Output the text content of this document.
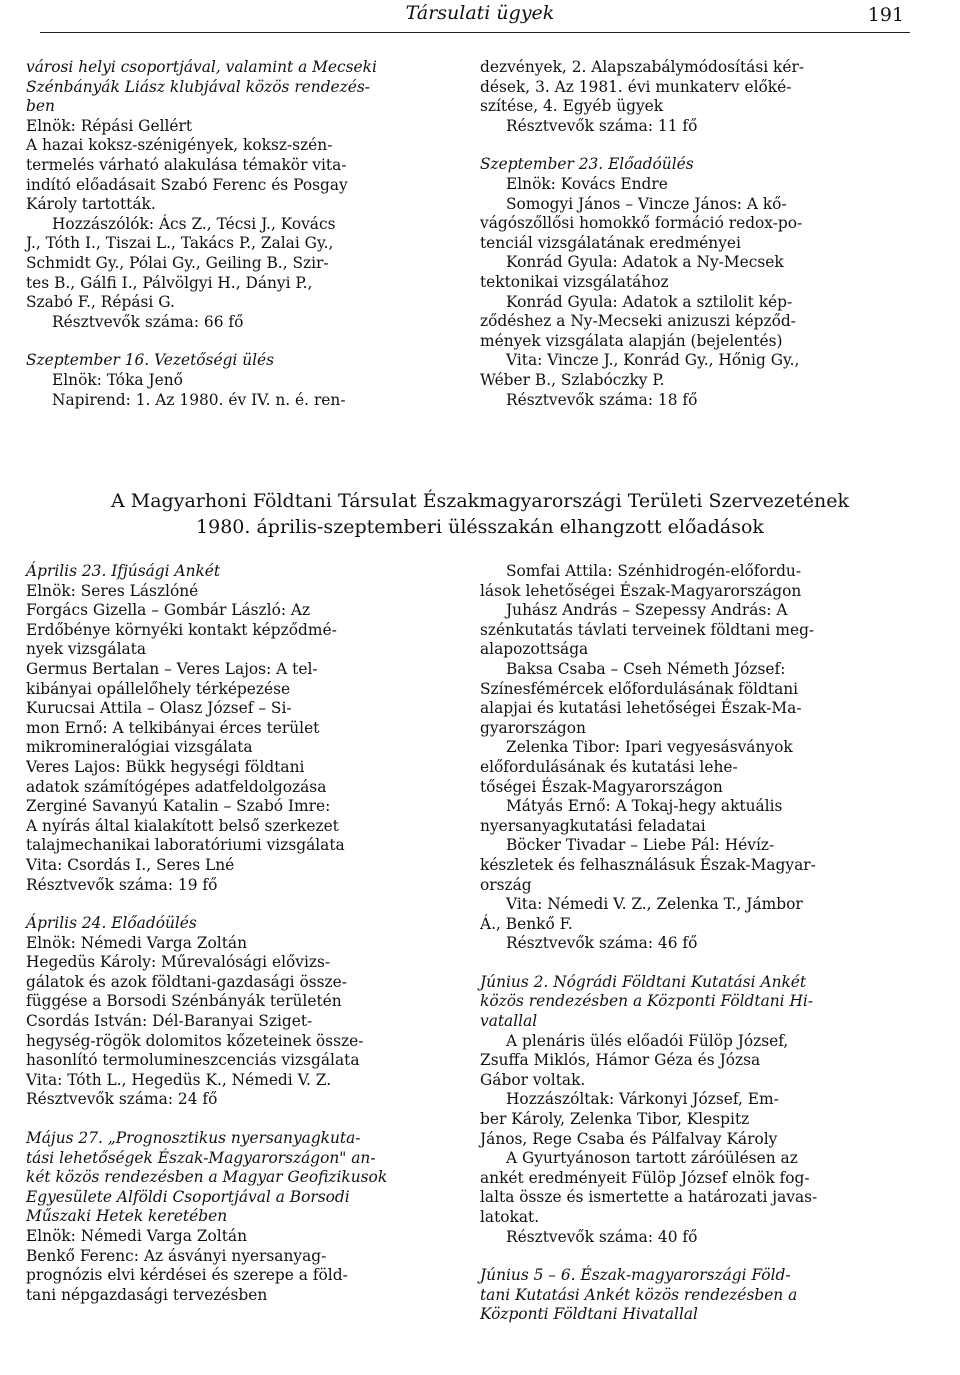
Társulati ügyek	191

városi helyi csoportjával, valamint a Mecseki

Szénbányák Liász klubjával közös rendezés-

ben

Elnök: Répási Gellért

A hazai koksz-szénigények, koksz-szén-

termelés várható alakulása témakör vita-

indító előadásait Szabó Ferenc és Posgay

Károly tartották.

Hozzászólók: Ács Z., Técsi J., Kovács

J., Tóth I., Tiszai L., Takács P., Zalai Gy.,

Schmidt Gy., Pólai Gy., Geiling B., Szir-

tes B., Gálfi I., Pálvölgyi H., Dányi P.,

Szabó F., Répási G.

Résztvevők száma: 66 fő

Szeptember 16. Vezetőségi ülés

Elnök: Tóka Jenő

Napirend: 1. Az 1980. év IV. n. é. ren-

dezvények, 2. Alapszabálymódosítási kér-

dések, 3. Az 1981. évi munkaterv előké-

szítése, 4. Egyéb ügyek

Résztvevők száma: 11 fő

Szeptember 23. Előadóülés

Elnök: Kovács Endre

Somogyi János – Vincze János: A kő-

vágószőllősi homokkő formáció redox-po-

tenciál vizsgálatának eredményei

Konrád Gyula: Adatok a Ny-Mecsek

tektonikai vizsgálatához

Konrád Gyula: Adatok a sztilolit kép-

ződéshez a Ny-Mecseki anizuszi képződ-

mények vizsgálata alapján (bejelentés)

Vita: Vincze J., Konrád Gy., Hőnig Gy.,

Wéber B., Szlabóczky P.

Résztvevők száma: 18 fő

A Magyarhoni Földtani Társulat Északmagyarországi Területi Szervezetének
1980. április-szeptemberi ülésszakán elhangzott előadások

Április 23. Ifjúsági Ankét

Elnök: Seres Lászlóné

Forgács Gizella – Gombár László: Az

Erdőbénye környéki kontakt képződmé-

nyek vizsgálata

Germus Bertalan – Veres Lajos: A tel-

kibányai opállelőhely térképezése

Kurucsai Attila – Olasz József – Si-

mon Ernő: A telkibányai érces terület

mikromineralógiai vizsgálata

Veres Lajos: Bükk hegységi földtani

adatok számítógépes adatfeldolgozása

Zerginé Savanyú Katalin – Szabó Imre:

A nyírás által kialakított belső szerkezet

talajmechanikai laboratóriumi vizsgálata

Vita: Csordás I., Seres Lné

Résztvevők száma: 19 fő

Április 24. Előadóülés

Elnök: Némedi Varga Zoltán

Hegedüs Károly: Műrevalósági elővizs-

gálatok és azok földtani-gazdasági össze-

függése a Borsodi Szénbányák területén

Csordás István: Dél-Baranyai Sziget-

hegység-rögök dolomitos kőzeteinek össze-

hasonlító termolumineszcenciás vizsgálata

Vita: Tóth L., Hegedüs K., Némedi V. Z.

Résztvevők száma: 24 fő

Május 27. „Prognosztikus nyersanyagkuta-

tási lehetőségek Észak-Magyarországon" an-

két közös rendezésben a Magyar Geofizikusok

Egyesülete Alföldi Csoportjával a Borsodi

Műszaki Hetek keretében

Elnök: Némedi Varga Zoltán

Benkő Ferenc: Az ásványi nyersanyag-

prognózis elvi kérdései és szerepe a föld-

tani népgazdasági tervezésben

Somfai Attila: Szénhidrogén-előfordu-

lások lehetőségei Észak-Magyarországon

Juhász András – Szepessy András: A

szénkutatás távlati terveinek földtani meg-

alapozottsága

Baksa Csaba – Cseh Németh József:

Színesfémércek előfordulásának földtani

alapjai és kutatási lehetőségei Észak-Ma-

gyarországon

Zelenka Tibor: Ipari vegyesásványok

előfordulásának és kutatási lehe-

tőségei Észak-Magyarországon

Mátyás Ernő: A Tokaj-hegy aktuális

nyersanyagkutatási feladatai

Böcker Tivadar – Liebe Pál: Hévíz-

készletek és felhasználásuk Észak-Magyar-

ország

Vita: Némedi V. Z., Zelenka T., Jámbor

Á., Benkő F.

Résztvevők száma: 46 fő

Június 2. Nógrádi Földtani Kutatási Ankét

közös rendezésben a Központi Földtani Hi-

vatallal

A plenáris ülés előadói Fülöp József,

Zsuffa Miklós, Hámor Géza és Józsa

Gábor voltak.

Hozzászóltak: Várkonyi József, Em-

ber Károly, Zelenka Tibor, Klespitz

János, Rege Csaba és Pálfalvay Károly

A Gyurtyánoson tartott záróülésen az

ankét eredményeit Fülöp József elnök fog-

lalta össze és ismertette a határozati javas-

latokat.

Résztvevők száma: 40 fő

Június 5 – 6. Észak-magyarországi Föld-

tani Kutatási Ankét közös rendezésben a

Központi Földtani Hivatallal
